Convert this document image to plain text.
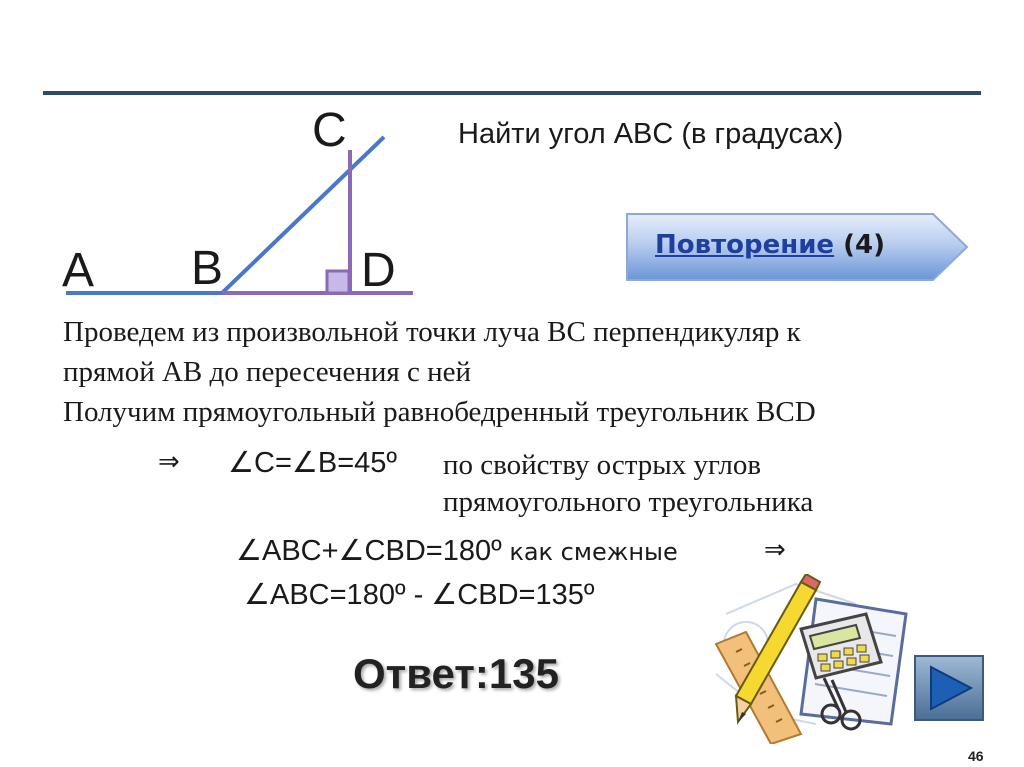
C
A B	D
Найти угол ABC (в градусах)
Повторение (4)
Проведем из произвольной точки луча ВС перпендикуляр к
прямой АВ до пересечения с ней
Получим прямоугольный равнобедренный треугольник ВСD
⇒ ∠C=∠B=45º по свойству острых углов
прямоугольного треугольника
∠ABC+∠CBD=180º как смежные	⇒
∠ABC=180º - ∠CBD=135º
Ответ:135
46
